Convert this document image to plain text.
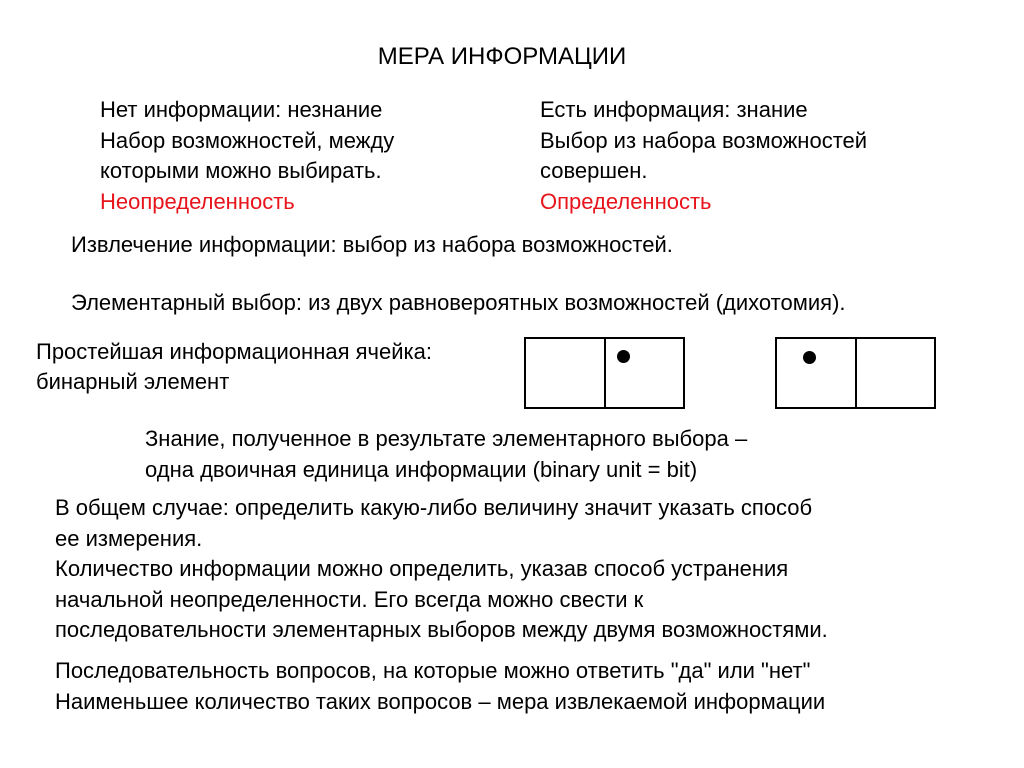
МЕРА ИНФОРМАЦИИ
Нет информации: незнание
Набор возможностей, между
которыми можно выбирать.
Неопределенность
Есть информация: знание
Выбор из набора возможностей
совершен.
Определенность
Извлечение информации: выбор из набора возможностей.
Элементарный выбор: из двух равновероятных возможностей (дихотомия).
Простейшая информационная ячейка:
бинарный элемент
Знание, полученное в результате элементарного выбора –
одна двоичная единица информации (binary unit = bit)
В общем случае: определить какую-либо величину значит указать способ
ее измерения.
Количество информации можно определить, указав способ устранения
начальной неопределенности. Его всегда можно свести к
последовательности элементарных выборов между двумя возможностями.
Последовательность вопросов, на которые можно ответить "да" или "нет"
Наименьшее количество таких вопросов – мера извлекаемой информации
